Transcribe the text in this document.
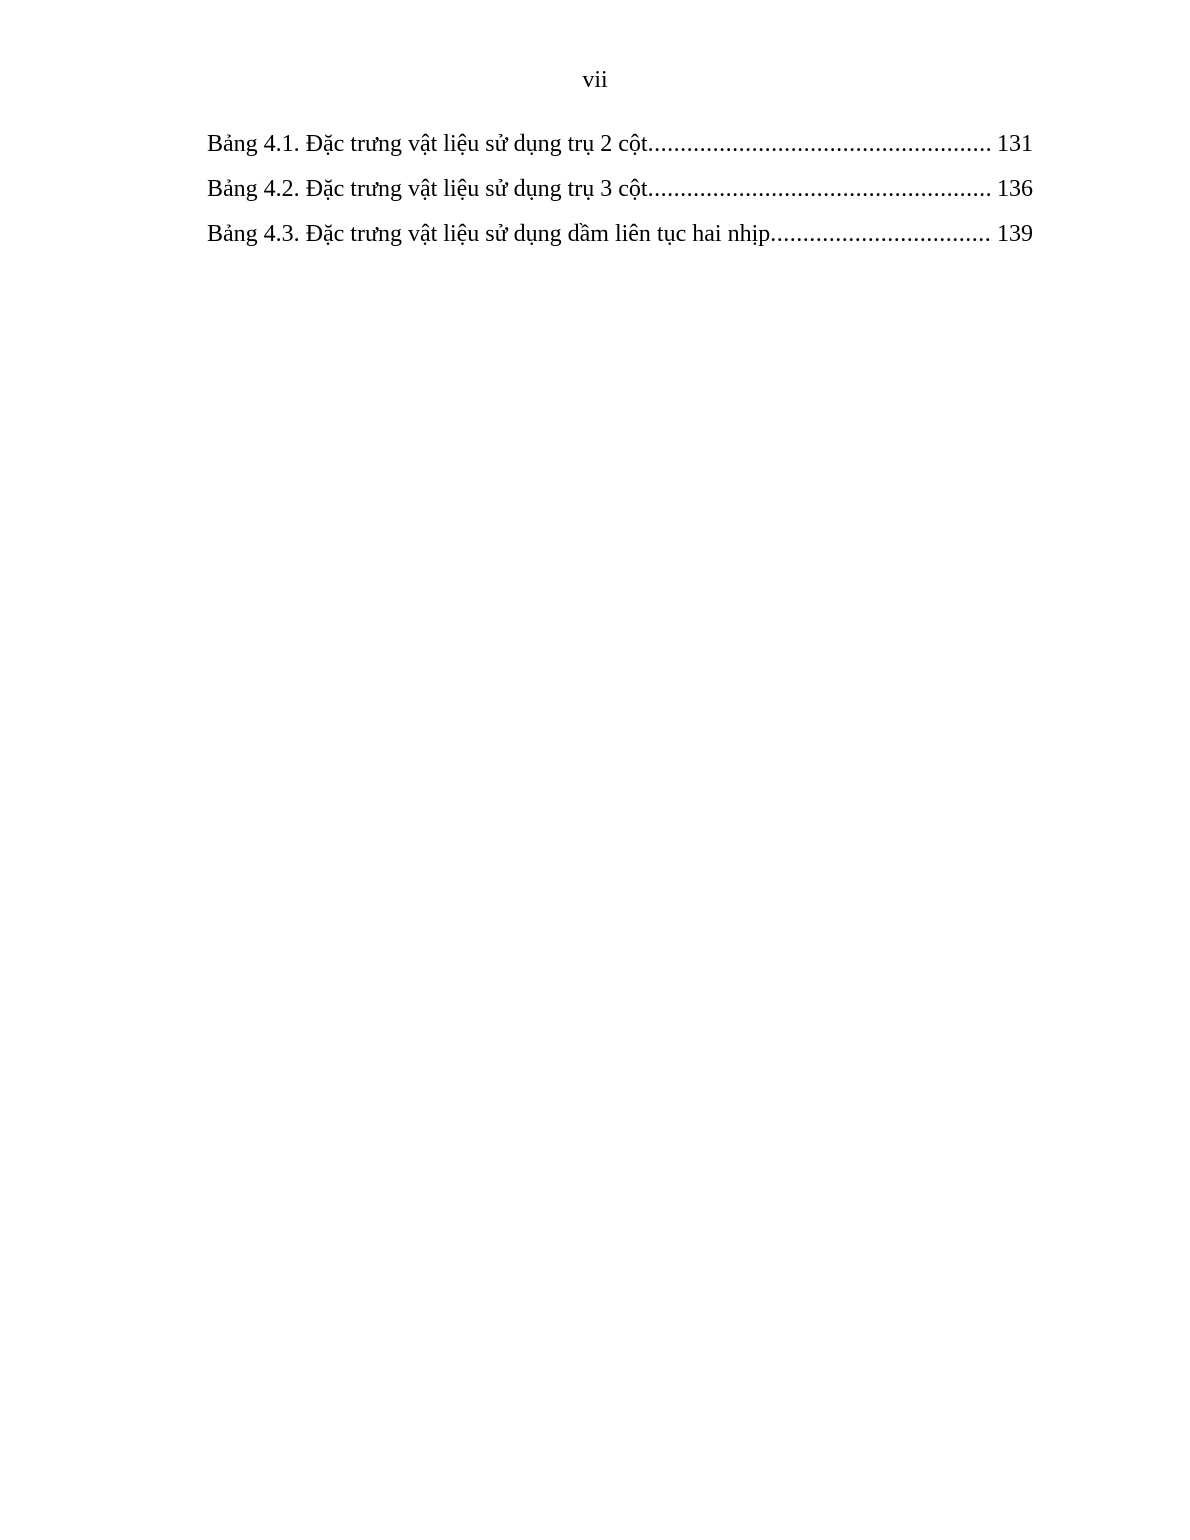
vii
Bảng 4.1. Đặc trưng vật liệu sử dụng trụ 2 cột .....	131
Bảng 4.2. Đặc trưng vật liệu sử dụng trụ 3 cột .....	136
Bảng 4.3. Đặc trưng vật liệu sử dụng dầm liên tục hai nhịp .....	139
